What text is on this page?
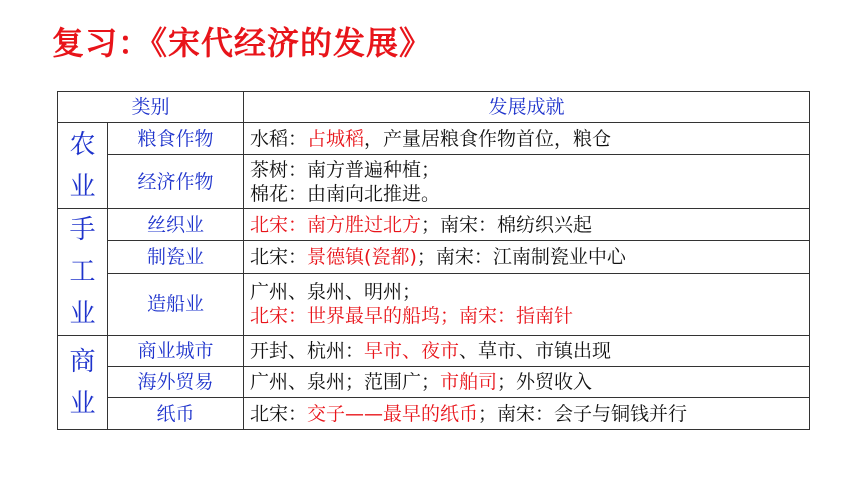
复习：《宋代经济的发展》
类别		发展成就

农
业	粮食作物	水稻：占城稻，产量居粮食作物首位，粮仓

	经济作物	茶树：南方普遍种植；
棉花：由南向北推进。

手
工
业	丝织业	北宋：南方胜过北方；南宋：棉纺织兴起

	制瓷业	北宋：景德镇(瓷都)；南宋：江南制瓷业中心

	造船业	广州、泉州、明州；
北宋：世界最早的船坞；南宋：指南针

商
业	商业城市	开封、杭州：早市、夜市、草市、市镇出现

	海外贸易	广州、泉州；范围广；市舶司；外贸收入

	纸币	北宋：交子——最早的纸币；南宋：会子与铜钱并行
